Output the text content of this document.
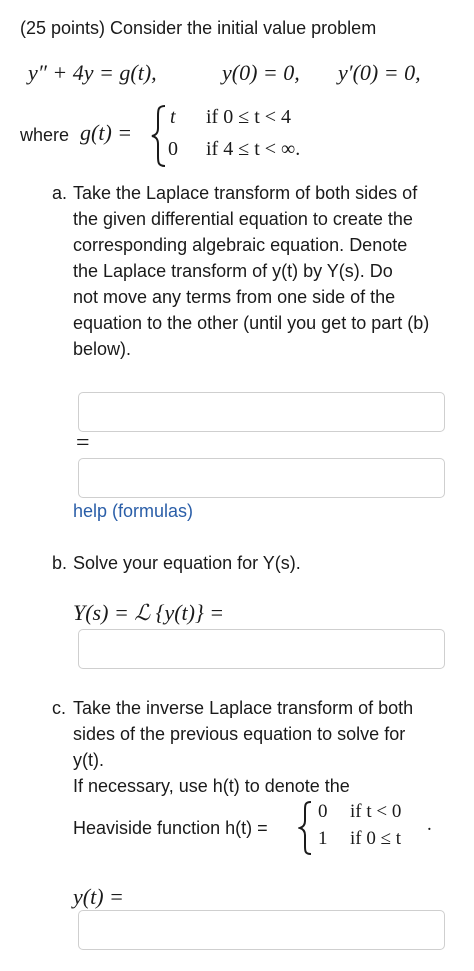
(25 points) Consider the initial value problem
y″ + 4y = g(t),	y(0) = 0, y′(0) = 0,
where g(t) =
t if 0 ≤ t < 4
0 if 4 ≤ t < ∞.
a. Take the Laplace transform of both sides of
the given differential equation to create the
corresponding algebraic equation. Denote
the Laplace transform of y(t) by Y(s). Do
not move any terms from one side of the
equation to the other (until you get to part (b)
below).
=
help (formulas)
b. Solve your equation for Y(s).
Y(s) = ℒ {y(t)} =
c. Take the inverse Laplace transform of both
sides of the previous equation to solve for
y(t).
If necessary, use h(t) to denote the
Heaviside function h(t) =
0 if t < 0
1 if 0 ≤ t
.
y(t) =
